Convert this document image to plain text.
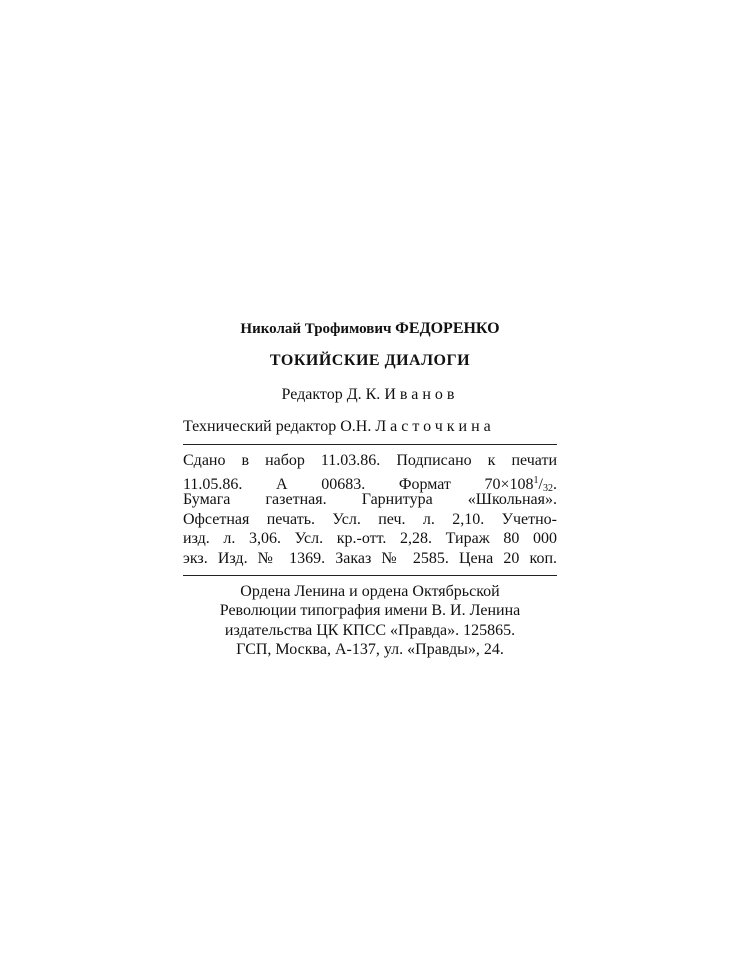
Николай Трофимович ФЕДОРЕНКО
ТОКИЙСКИЕ ДИАЛОГИ
Редактор Д. К. Иванов
Технический редактор О.Н. Ласточкина
Сдано в набор 11.03.86. Подписано к печати
11.05.86. А 00683. Формат $70\times 108^1/32$.
Бумага газетная. Гарнитура «Школьная».
Офсетная печать. Усл. печ. л. 2,10. Учетно-
изд. л. 3,06. Усл. кр.-отт. 2,28. Тираж 80 000
экз. Изд. № 1369. Заказ № 2585. Цена 20 коп.
Ордена Ленина и ордена Октябрьской
Революции типография имени В. И. Ленина
издательства ЦК КПСС «Правда». 125865.
ГСП, Москва, А-137, ул. «Правды», 24.
